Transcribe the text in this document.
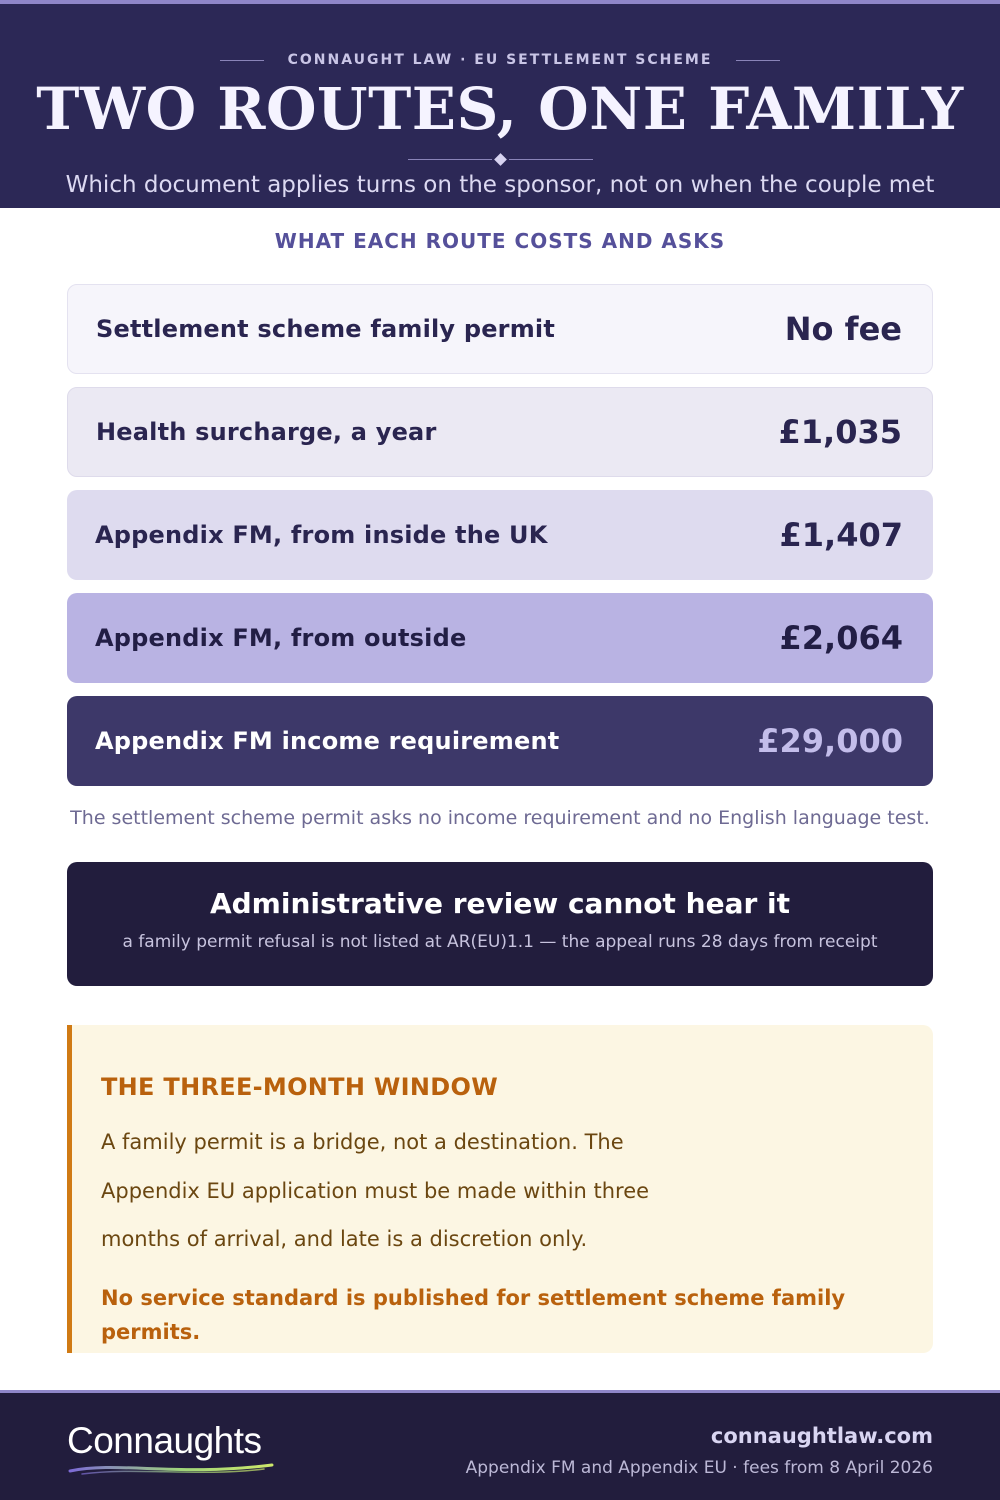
CONNAUGHT LAW · EU SETTLEMENT SCHEME
TWO ROUTES, ONE FAMILY

Which document applies turns on the sponsor, not on when the couple met

WHAT EACH ROUTE COSTS AND ASKS
Settlement scheme family permit	No fee
Health surcharge, a year	£1,035
Appendix FM, from inside the UK	£1,407
Appendix FM, from outside	£2,064
Appendix FM income requirement	£29,000

The settlement scheme permit asks no income requirement and no English language test.

Administrative review cannot hear it
a family permit refusal is not listed at AR(EU)1.1 — the appeal runs 28 days from receipt
THE THREE-MONTH WINDOW
A family permit is a bridge, not a destination. The
Appendix EU application must be made within three
months of arrival, and late is a discretion only.
No service standard is published for settlement scheme family permits.
Connaughts	connaughtlaw.com
Appendix FM and Appendix EU · fees from 8 April 2026
